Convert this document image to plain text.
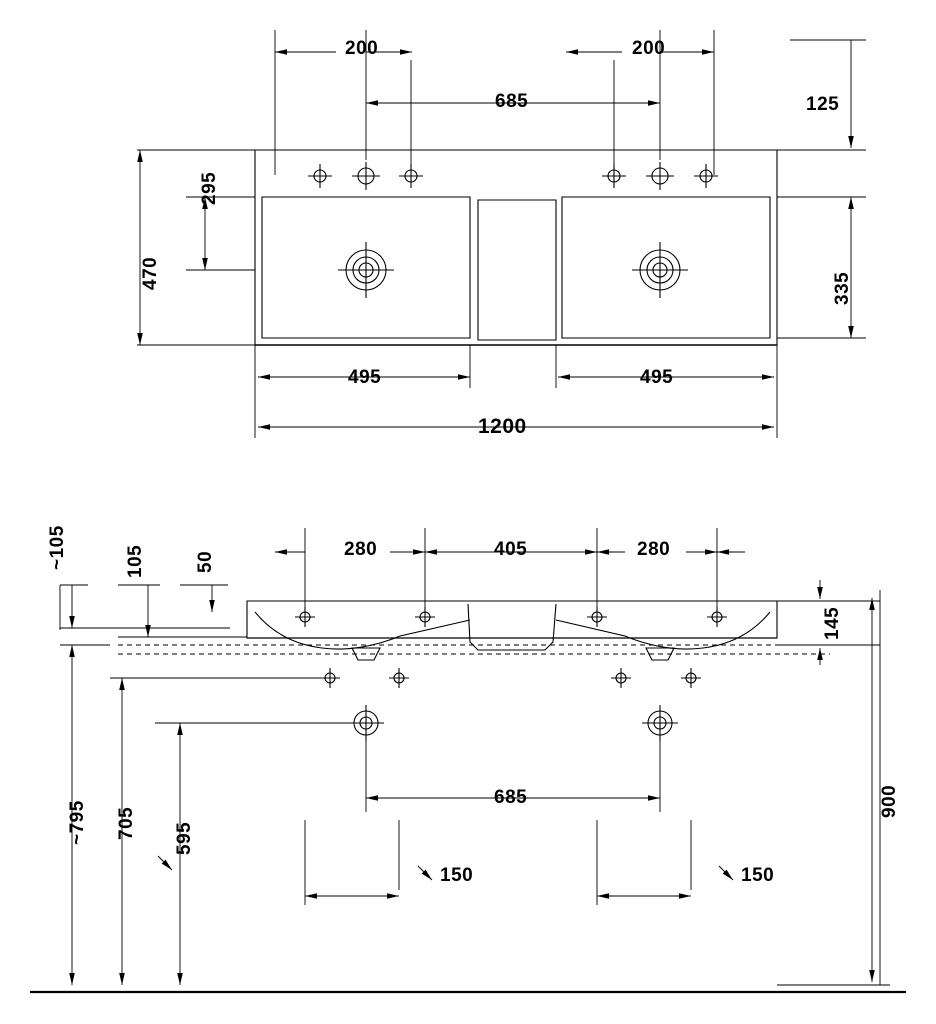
200	200
685	125
295
470	335
495	495
1200
~105	105	50
280	405	280
145
~795 705 595
900
685
150	150
